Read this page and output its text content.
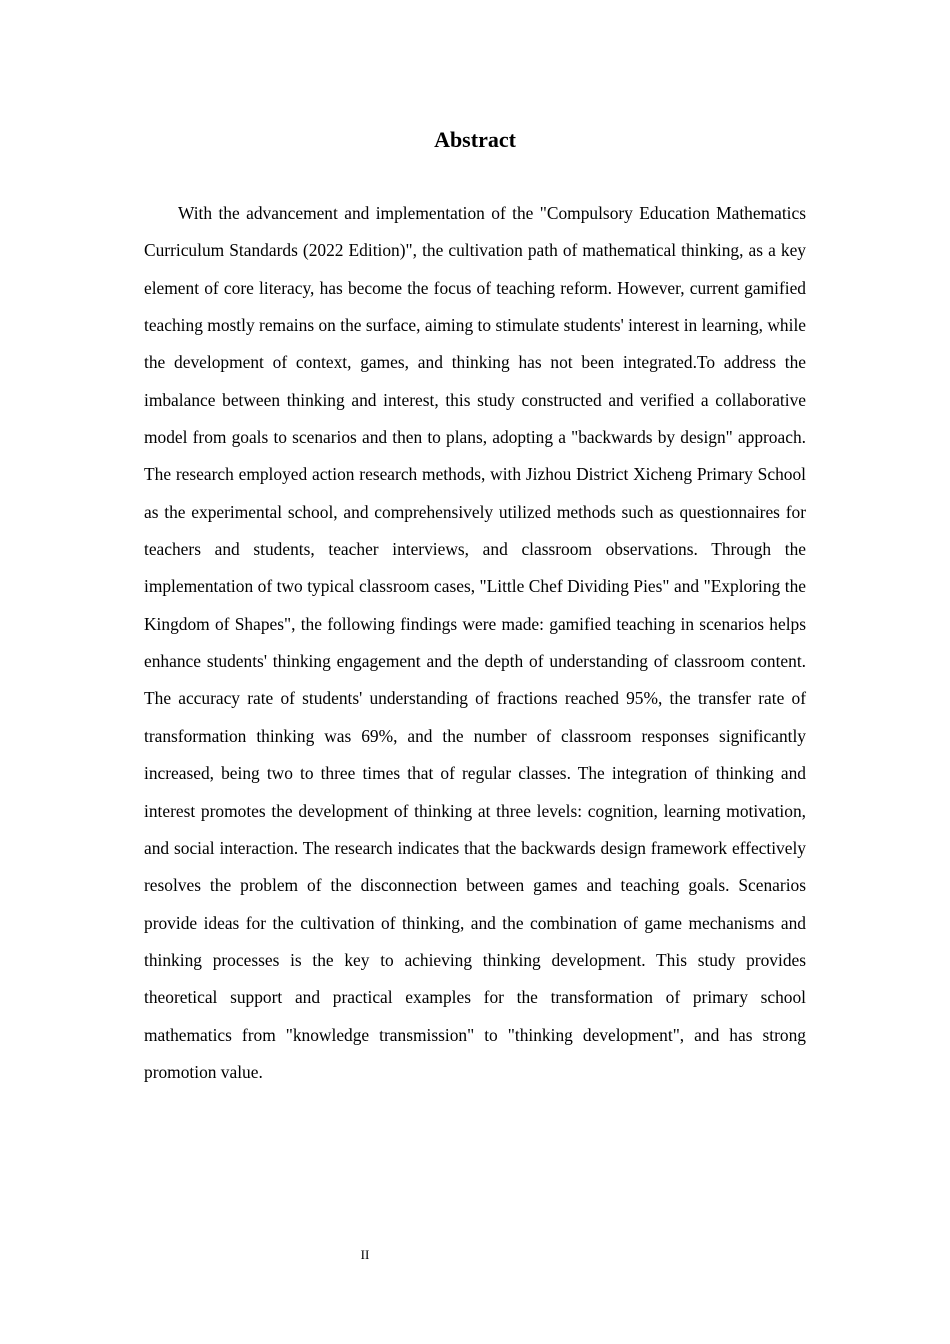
Abstract

With the advancement and implementation of the "Compulsory Education Mathematics Curriculum Standards (2022 Edition)", the cultivation path of mathematical thinking, as a key element of core literacy, has become the focus of teaching reform. However, current gamified teaching mostly remains on the surface, aiming to stimulate students' interest in learning, while the development of context, games, and thinking has not been integrated.To address the imbalance between thinking and interest, this study constructed and verified a collaborative model from goals to scenarios and then to plans, adopting a "backwards by design" approach. The research employed action research methods, with Jizhou District Xicheng Primary School as the experimental school, and comprehensively utilized methods such as questionnaires for teachers and students, teacher interviews, and classroom observations. Through the implementation of two typical classroom cases, "Little Chef Dividing Pies" and "Exploring the Kingdom of Shapes", the following findings were made: gamified teaching in scenarios helps enhance students' thinking engagement and the depth of understanding of classroom content. The accuracy rate of students' understanding of fractions reached 95%, the transfer rate of transformation thinking was 69%, and the number of classroom responses significantly increased, being two to three times that of regular classes. The integration of thinking and interest promotes the development of thinking at three levels: cognition, learning motivation, and social interaction. The research indicates that the backwards design framework effectively resolves the problem of the disconnection between games and teaching goals. Scenarios provide ideas for the cultivation of thinking, and the combination of game mechanisms and thinking processes is the key to achieving thinking development. This study provides theoretical support and practical examples for the transformation of primary school mathematics from "knowledge transmission" to "thinking development", and has strong promotion value.

II
